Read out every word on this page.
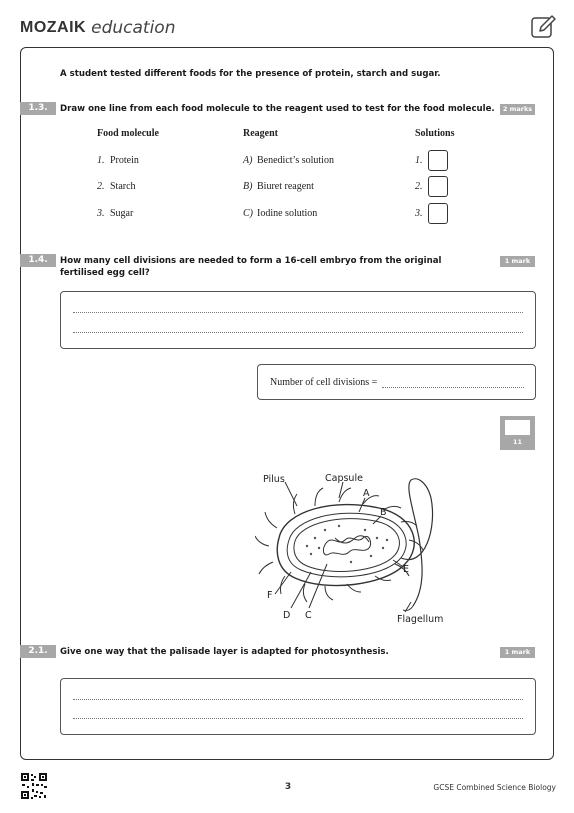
MOZAIK education
A student tested different foods for the presence of protein, starch and sugar.
1.3.	Draw one line from each food molecule to the reagent used to test for the food molecule.	2 marks
Food molecule	Reagent	Solutions
1. Protein	A) Benedict’s solution	1.
2. Starch	B) Biuret reagent	2.
3. Sugar	C) Iodine solution	3.
1.4.	How many cell divisions are needed to form a 16-cell embryo from the original
fertilised egg cell?
1 mark
Number of cell divisions =
11
Pilus	Capsule
A
B
E
F
D C	Flagellum
2.1.	Give one way that the palisade layer is adapted for photosynthesis.	1 mark
3	GCSE Combined Science Biology
